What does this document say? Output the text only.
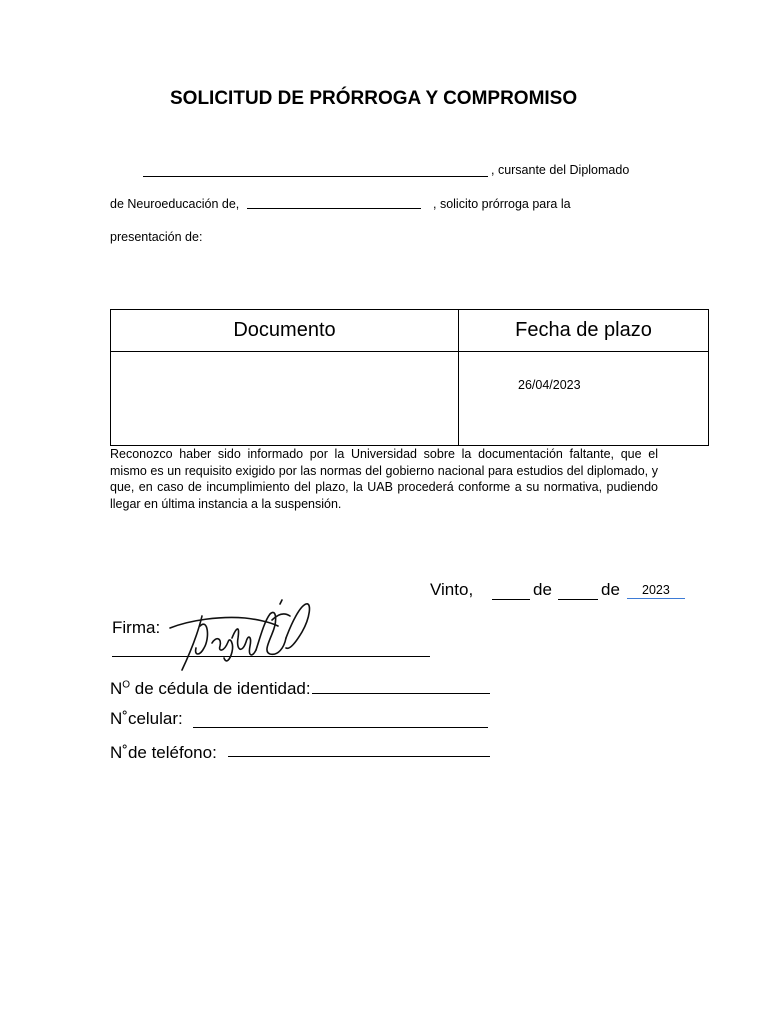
SOLICITUD DE PRÓRROGA Y COMPROMISO
, cursante del Diplomado
de Neuroeducación de,	, solicito prórroga para la
presentación de:
Documento	Fecha de plazo
	26/04/2023
Reconozco haber sido informado por la Universidad sobre la documentación faltante, que el mismo es un requisito exigido por las normas del gobierno nacional para estudios del diplomado, y que, en caso de incumplimiento del plazo, la UAB procederá conforme a su normativa, pudiendo llegar en última instancia a la suspensión.
Vinto,	de	de 2023
Firma:
$N^O$ de cédula de identidad:
N˚celular:
N˚de teléfono:
